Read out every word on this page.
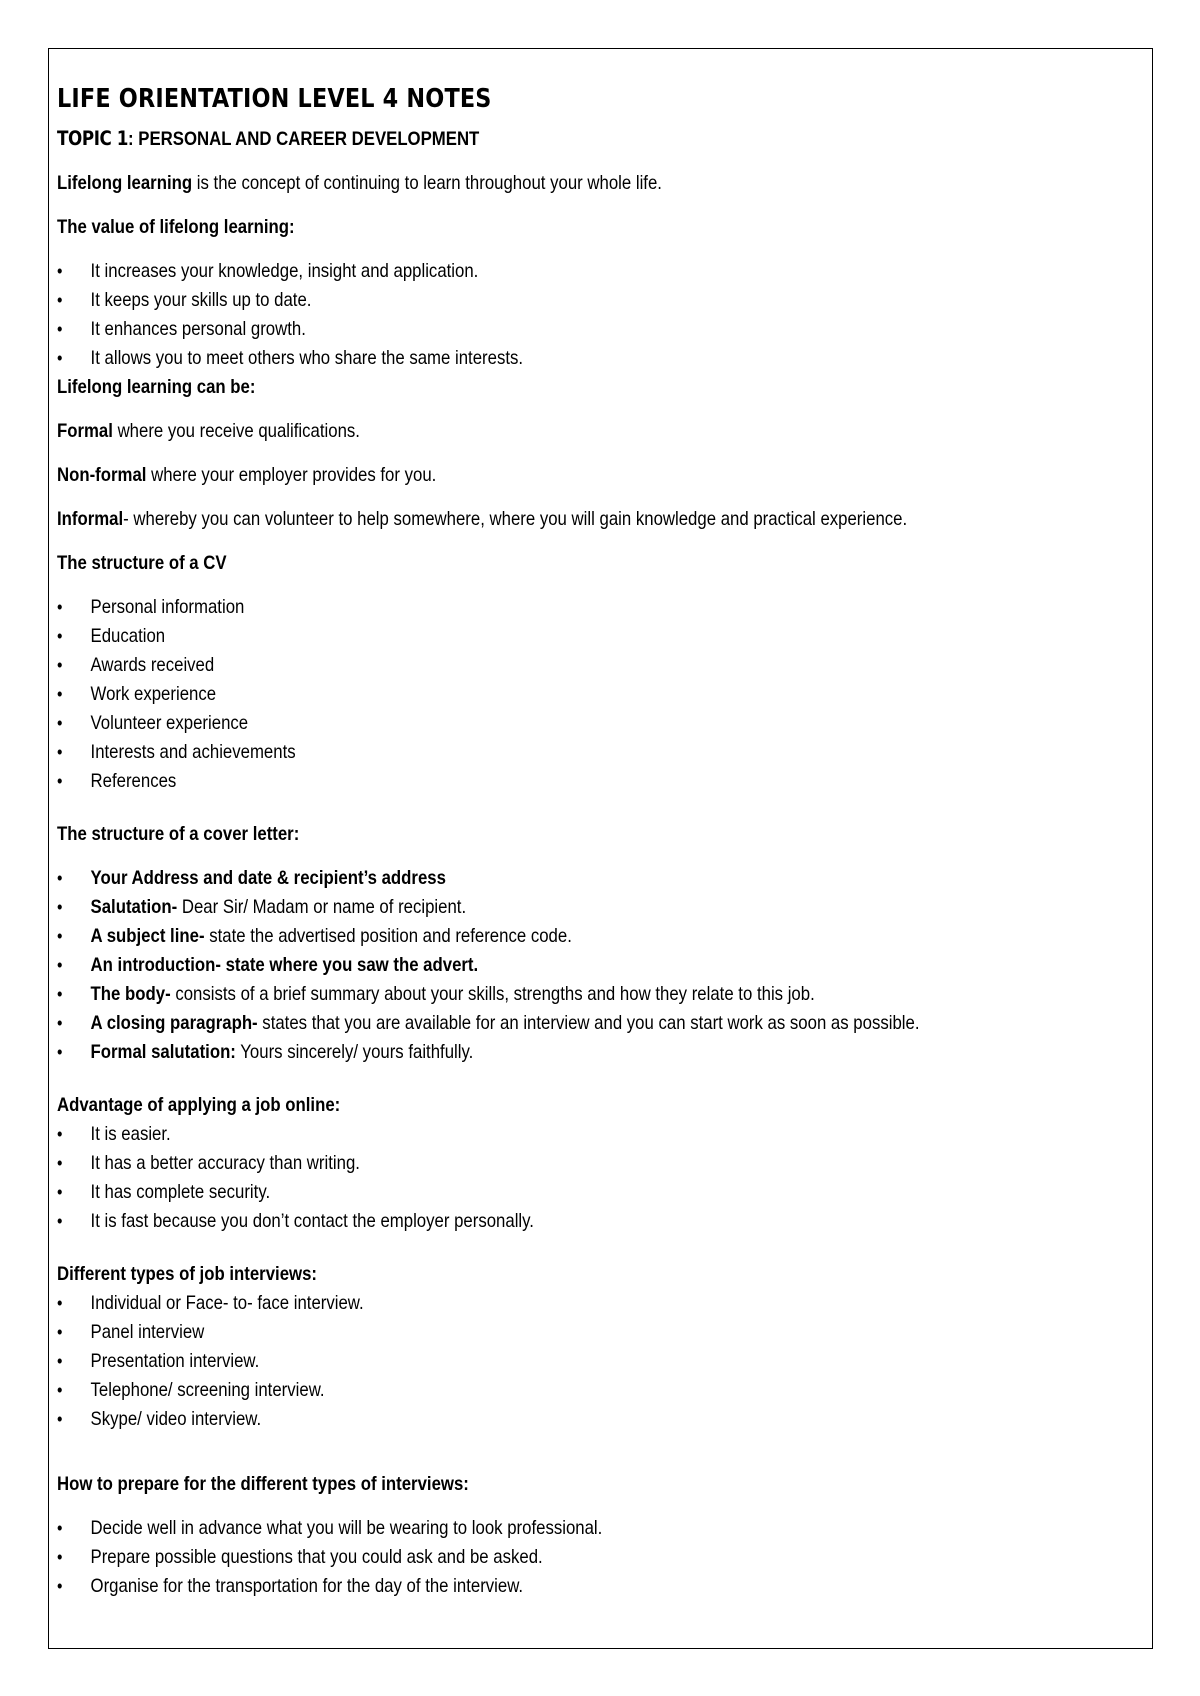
LIFE ORIENTATION LEVEL 4 NOTES

TOPIC 1: PERSONAL AND CAREER DEVELOPMENT

Lifelong learning is the concept of continuing to learn throughout your whole life.

The value of lifelong learning:

• It increases your knowledge, insight and application.
• It keeps your skills up to date.
• It enhances personal growth.
• It allows you to meet others who share the same interests.

Lifelong learning can be:

Formal where you receive qualifications.

Non-formal where your employer provides for you.

Informal- whereby you can volunteer to help somewhere, where you will gain knowledge and practical experience.

The structure of a CV

• Personal information
• Education
• Awards received
• Work experience
• Volunteer experience
• Interests and achievements
• References

The structure of a cover letter:

• Your Address and date & recipient’s address
• Salutation- Dear Sir/ Madam or name of recipient.
• A subject line- state the advertised position and reference code.
• An introduction- state where you saw the advert.
• The body- consists of a brief summary about your skills, strengths and how they relate to this job.
• A closing paragraph- states that you are available for an interview and you can start work as soon as possible.
• Formal salutation: Yours sincerely/ yours faithfully.

Advantage of applying a job online:

• It is easier.
• It has a better accuracy than writing.
• It has complete security.
• It is fast because you don’t contact the employer personally.

Different types of job interviews:

• Individual or Face- to- face interview.
• Panel interview
• Presentation interview.
• Telephone/ screening interview.
• Skype/ video interview.

How to prepare for the different types of interviews:

• Decide well in advance what you will be wearing to look professional.
• Prepare possible questions that you could ask and be asked.
• Organise for the transportation for the day of the interview.
